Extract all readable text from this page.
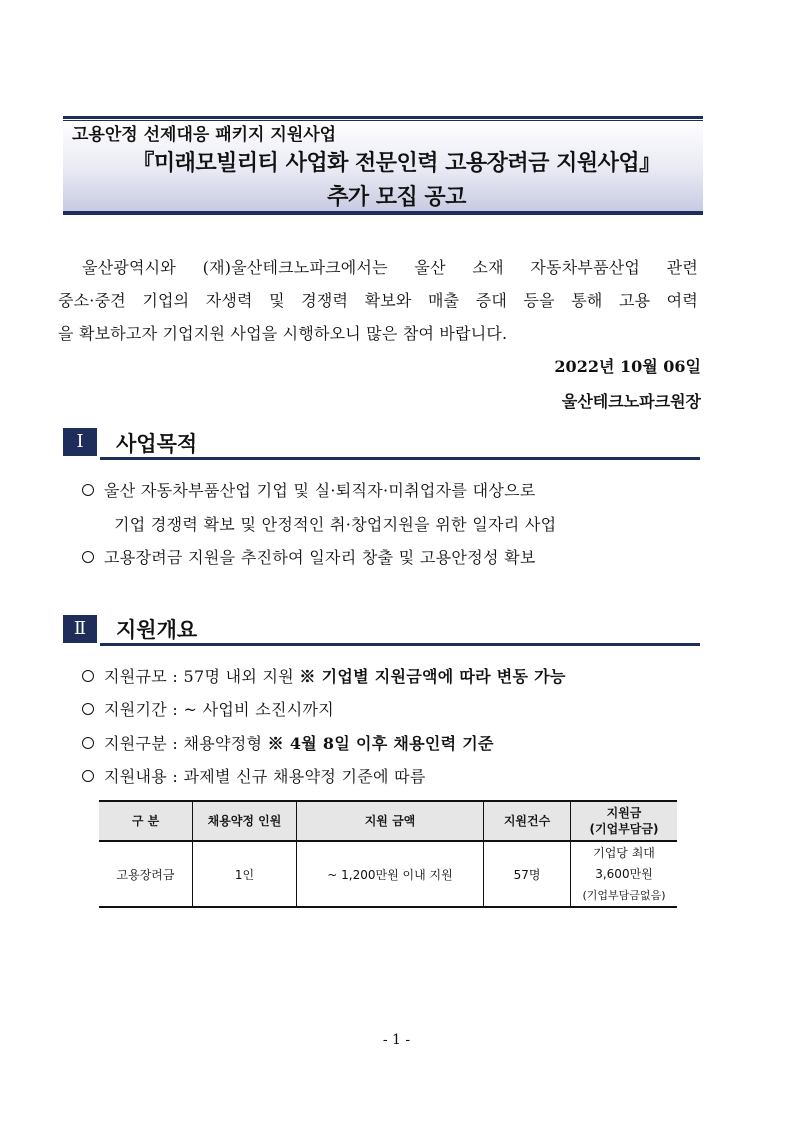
고용안정 선제대응 패키지 지원사업
『미래모빌리티 사업화 전문인력 고용장려금 지원사업』
추가 모집 공고
울산광역시와 (재)울산테크노파크에서는 울산 소재 자동차부품산업 관련
중소·중견 기업의 자생력 및 경쟁력 확보와 매출 증대 등을 통해 고용 여력
을 확보하고자 기업지원 사업을 시행하오니 많은 참여 바랍니다.
2022년 10월 06일
울산테크노파크원장
Ⅰ	사업목적
울산 자동차부품산업 기업 및 실·퇴직자·미취업자를 대상으로
기업 경쟁력 확보 및 안정적인 취·창업지원을 위한 일자리 사업
고용장려금 지원을 추진하여 일자리 창출 및 고용안정성 확보
Ⅱ	지원개요
지원규모 : 57명 내외 지원 ※ 기업별 지원금액에 따라 변동 가능
지원기간 : ~ 사업비 소진시까지
지원구분 : 채용약정형 ※ 4월 8일 이후 채용인력 기준
지원내용 : 과제별 신규 채용약정 기준에 따름
구 분	채용약정 인원	지원 금액	지원건수	지원금
(기업부담금)

고용장려금	1인	~ 1,200만원 이내 지원	57명	기업당 최대
3,600만원
(기업부담금없음)
- 1 -
